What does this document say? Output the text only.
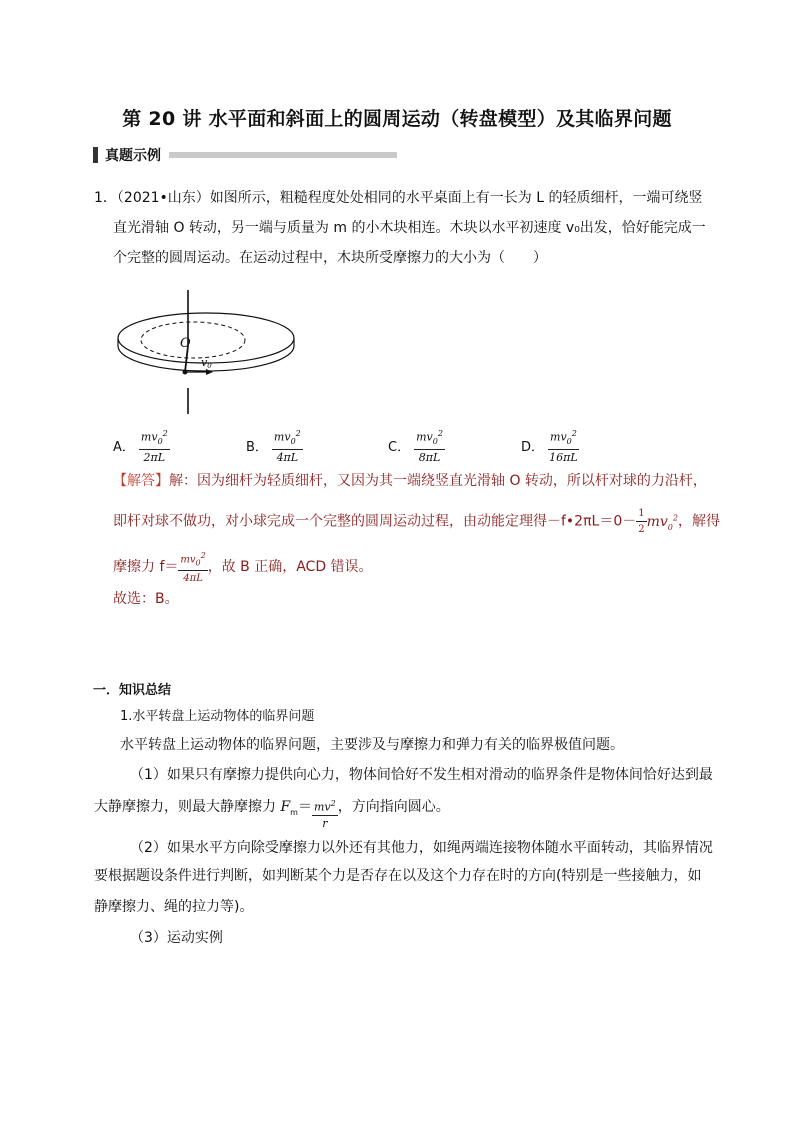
第 20 讲 水平面和斜面上的圆周运动（转盘模型）及其临界问题
真题示例
1．（2021•山东）如图所示，粗糙程度处处相同的水平桌面上有一长为 L 的轻质细杆，一端可绕竖
直光滑轴 O 转动，另一端与质量为 m 的小木块相连。木块以水平初速度 v₀出发，恰好能完成一
个完整的圆周运动。在运动过程中，木块所受摩擦力的大小为（　　）
O
v0
A． $\frac{mv_0^2}{2\pi L}$	B． $\frac{mv_0^2}{4\pi L}$	C． $\frac{mv_0^2}{8\pi L}$	D． $\frac{mv_0^2}{16\pi L}$
【解答】解：因为细杆为轻质细杆，又因为其一端绕竖直光滑轴 O 转动，所以杆对球的力沿杆，
即杆对球不做功，对小球完成一个完整的圆周运动过程，由动能定理得－f•2πL＝0－ $\frac{1}{2} mv_0^2$，解得
摩擦力 $f= \frac{mv_0^2}{4\pi L}$ ，故 B 正确，ACD 错误。
故选：B。
一．知识总结
1.水平转盘上运动物体的临界问题
水平转盘上运动物体的临界问题，主要涉及与摩擦力和弹力有关的临界极值问题。
（1）如果只有摩擦力提供向心力，物体间恰好不发生相对滑动的临界条件是物体间恰好达到最
大静摩擦力，则最大静摩擦力 $F_m= \frac{mv^2}{r}$ ，方向指向圆心。
（2）如果水平方向除受摩擦力以外还有其他力，如绳两端连接物体随水平面转动，其临界情况
要根据题设条件进行判断，如判断某个力是否存在以及这个力存在时的方向(特别是一些接触力，如
静摩擦力、绳的拉力等)。
（3）运动实例
